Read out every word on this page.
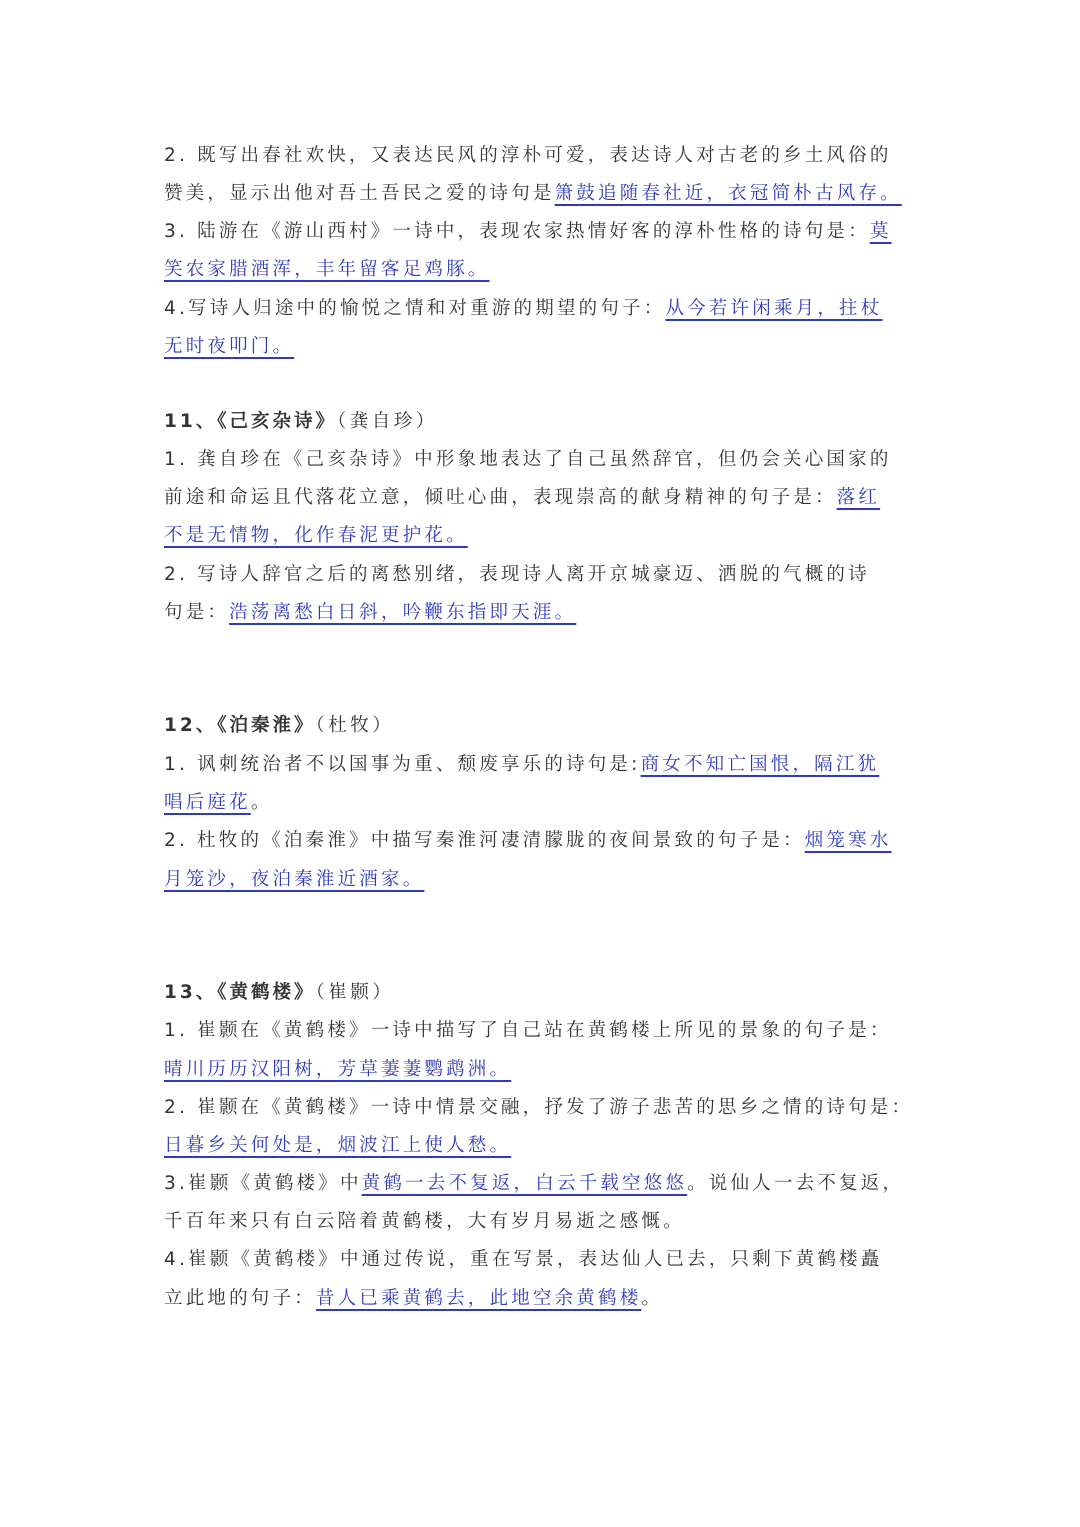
2. 既写出春社欢快，又表达民风的淳朴可爱，表达诗人对古老的乡土风俗的
赞美，显示出他对吾土吾民之爱的诗句是箫鼓追随春社近，衣冠简朴古风存。
3. 陆游在《游山西村》一诗中，表现农家热情好客的淳朴性格的诗句是：莫
笑农家腊酒浑，丰年留客足鸡豚。
4.写诗人归途中的愉悦之情和对重游的期望的句子：从今若许闲乘月，拄杖
无时夜叩门。
11、《己亥杂诗》（龚自珍）
1. 龚自珍在《己亥杂诗》中形象地表达了自己虽然辞官，但仍会关心国家的
前途和命运且代落花立意，倾吐心曲，表现崇高的献身精神的句子是：落红
不是无情物，化作春泥更护花。
2. 写诗人辞官之后的离愁别绪，表现诗人离开京城豪迈、洒脱的气概的诗
句是：浩荡离愁白日斜，吟鞭东指即天涯。
12、《泊秦淮》（杜牧）
1. 讽刺统治者不以国事为重、颓废享乐的诗句是:商女不知亡国恨，隔江犹
唱后庭花。
2. 杜牧的《泊秦淮》中描写秦淮河凄清朦胧的夜间景致的句子是：烟笼寒水
月笼沙，夜泊秦淮近酒家。
13、《黄鹤楼》（崔颢）
1. 崔颢在《黄鹤楼》一诗中描写了自己站在黄鹤楼上所见的景象的句子是：
晴川历历汉阳树，芳草萋萋鹦鹉洲。
2. 崔颢在《黄鹤楼》一诗中情景交融，抒发了游子悲苦的思乡之情的诗句是：
日暮乡关何处是，烟波江上使人愁。
3.崔颢《黄鹤楼》中黄鹤一去不复返，白云千载空悠悠。说仙人一去不复返，
千百年来只有白云陪着黄鹤楼，大有岁月易逝之感慨。
4.崔颢《黄鹤楼》中通过传说，重在写景，表达仙人已去，只剩下黄鹤楼矗
立此地的句子：昔人已乘黄鹤去，此地空余黄鹤楼。
